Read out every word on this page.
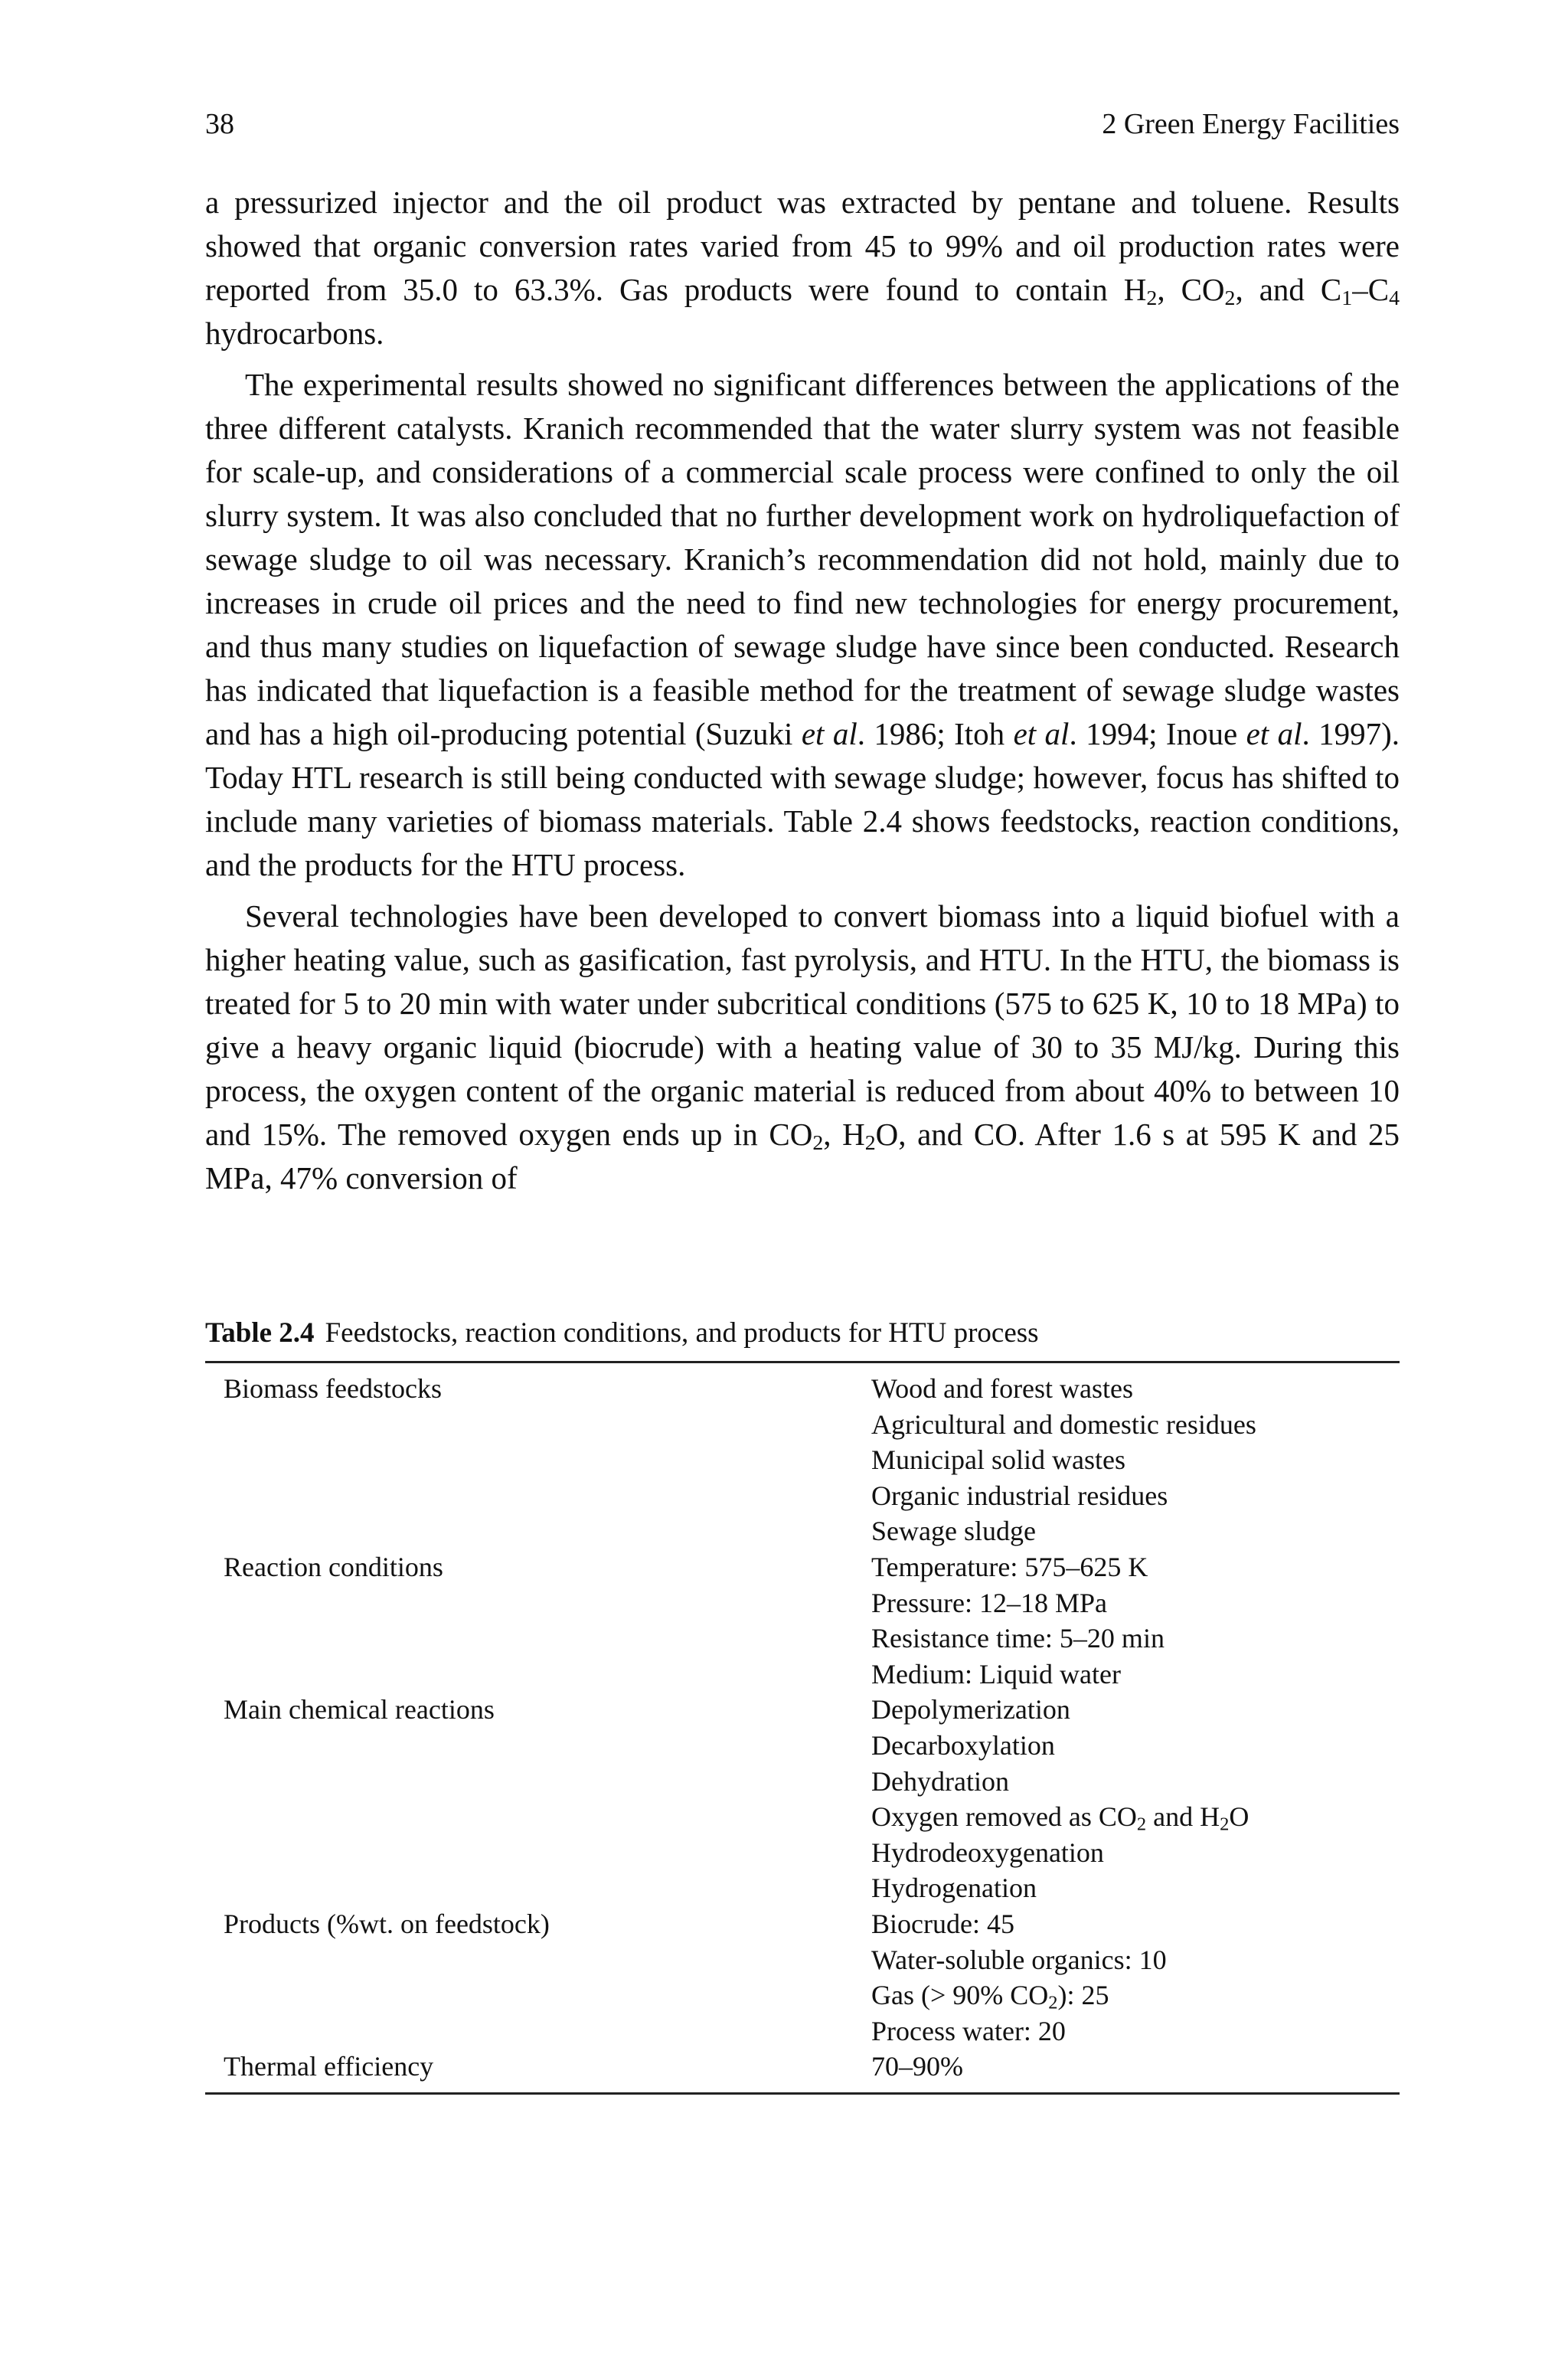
38	2 Green Energy Facilities

a pressurized injector and the oil product was extracted by pentane and toluene. Results showed that organic conversion rates varied from 45 to 99% and oil production rates were reported from 35.0 to 63.3%. Gas products were found to contain $H_2$, $CO_2$, and $C_1-C_4$ hydrocarbons.

The experimental results showed no significant differences between the applications of the three different catalysts. Kranich recommended that the water slurry system was not feasible for scale-up, and considerations of a commercial scale process were confined to only the oil slurry system. It was also concluded that no further development work on hydroliquefaction of sewage sludge to oil was necessary. Kranich’s recommendation did not hold, mainly due to increases in crude oil prices and the need to find new technologies for energy procurement, and thus many studies on liquefaction of sewage sludge have since been conducted. Research has indicated that liquefaction is a feasible method for the treatment of sewage sludge wastes and has a high oil-producing potential (Suzuki et al. 1986; Itoh et al. 1994; Inoue et al. 1997). Today HTL research is still being conducted with sewage sludge; however, focus has shifted to include many varieties of biomass materials. Table 2.4 shows feedstocks, reaction conditions, and the products for the HTU process.

Several technologies have been developed to convert biomass into a liquid biofuel with a higher heating value, such as gasification, fast pyrolysis, and HTU. In the HTU, the biomass is treated for 5 to 20 min with water under subcritical conditions (575 to 625 K, 10 to 18 MPa) to give a heavy organic liquid (biocrude) with a heating value of 30 to 35 MJ/kg. During this process, the oxygen content of the organic material is reduced from about 40% to between 10 and 15%. The removed oxygen ends up in $CO_2$, $H_2O$, and CO. After 1.6 s at 595 K and 25 MPa, 47% conversion of

Table 2.4 Feedstocks, reaction conditions, and products for HTU process
Biomass feedstocks	Wood and forest wastes
Agricultural and domestic residues
Municipal solid wastes
Organic industrial residues
Sewage sludge
Reaction conditions	Temperature: 575–625 K
Pressure: 12–18 MPa
Resistance time: 5–20 min
Medium: Liquid water
Main chemical reactions	Depolymerization
Decarboxylation
Dehydration
Oxygen removed as $CO_2$ and $H_2O$
Hydrodeoxygenation
Hydrogenation
Products (%wt. on feedstock)	Biocrude: 45
Water-soluble organics: 10
Gas (> 90% $CO_2$): 25
Process water: 20
Thermal efficiency	70–90%
